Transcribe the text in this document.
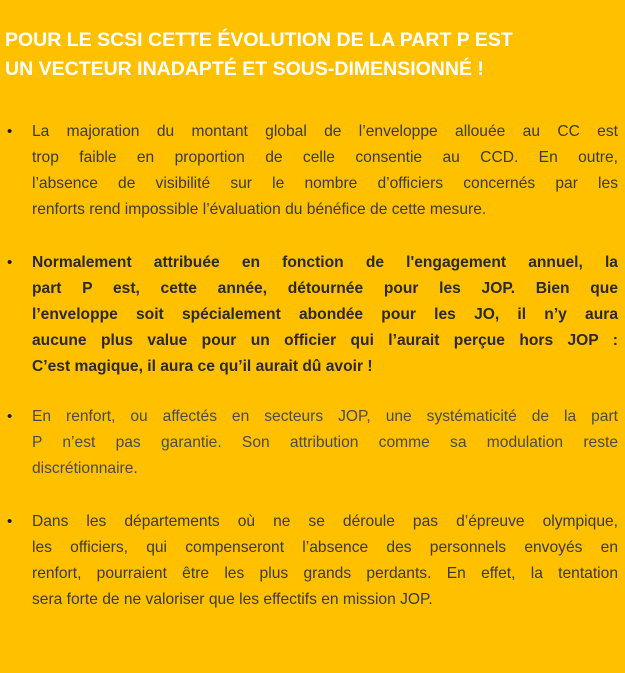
POUR LE SCSI CETTE ÉVOLUTION DE LA PART P EST
UN VECTEUR INADAPTÉ ET SOUS-DIMENSIONNÉ !
• La majoration du montant global de l’enveloppe allouée au CC est
trop faible en proportion de celle consentie au CCD. En outre,
l’absence de visibilité sur le nombre d’officiers concernés par les
renforts rend impossible l’évaluation du bénéfice de cette mesure.
• Normalement attribuée en fonction de l'engagement annuel, la
part P est, cette année, détournée pour les JOP. Bien que
l’enveloppe soit spécialement abondée pour les JO, il n’y aura
aucune plus value pour un officier qui l’aurait perçue hors JOP :
C’est magique, il aura ce qu’il aurait dû avoir !
• En renfort, ou affectés en secteurs JOP, une systématicité de la part
P n’est pas garantie. Son attribution comme sa modulation reste
discrétionnaire.
• Dans les départements où ne se déroule pas d’épreuve olympique,
les officiers, qui compenseront l’absence des personnels envoyés en
renfort, pourraient être les plus grands perdants. En effet, la tentation
sera forte de ne valoriser que les effectifs en mission JOP.
